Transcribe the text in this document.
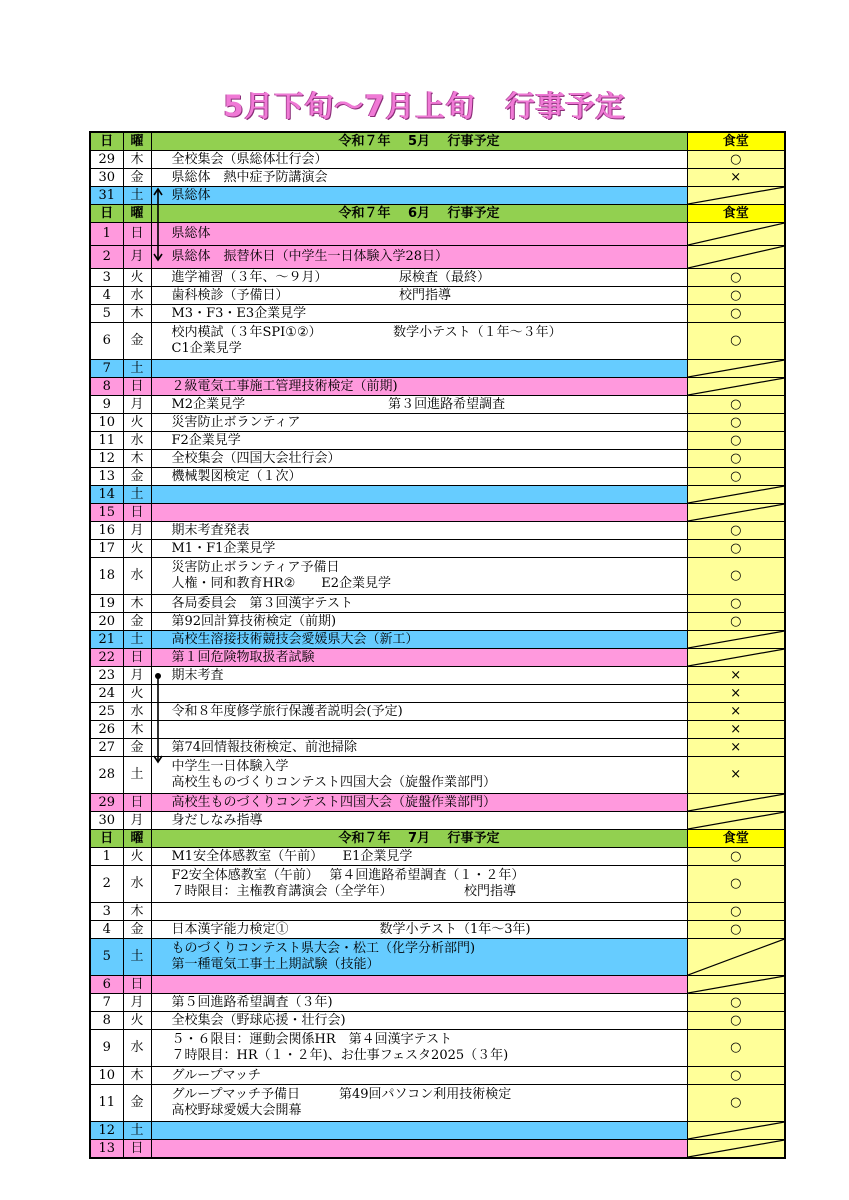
5月下旬～7月上旬　行事予定
日	曜	令和７年　 5月　 行事予定	食堂
29	木	全校集会（県総体壮行会）	○
30	金	県総体　熱中症予防講演会	×
31	土	県総体

日	曜	令和７年　 6月　 行事予定	食堂
1	日	県総体

2	月	県総体　振替休日（中学生一日体験入学28日）

3	火	進学補習（３年、～９月）　　　　　　尿検査（最終）	○
4	水	歯科検診（予備日）　　　　　　　　　校門指導	○
5	木	M3・F3・E3企業見学	○
6	金	校内模試（３年SPI①②）　　　　　　数学小テスト（１年～３年）
C1企業見学	○
7	土	

8	日	２級電気工事施工管理技術検定（前期)

9	月	M2企業見学　　　　　　　　　　　第３回進路希望調査	○
10	火	災害防止ボランティア	○
11	水	F2企業見学	○
12	木	全校集会（四国大会壮行会）	○
13	金	機械製図検定（１次）	○
14	土	

15	日	

16	月	期末考査発表	○
17	火	M1・F1企業見学	○
18	水	災害防止ボランティア予備日
人権・同和教育HR②　　E2企業見学	○
19	木	各局委員会　第３回漢字テスト	○
20	金	第92回計算技術検定（前期)	○
21	土	高校生溶接技術競技会愛媛県大会（新工）

22	日	第１回危険物取扱者試験

23	月	期末考査	×
24	火		×
25	水	令和８年度修学旅行保護者説明会(予定)	×
26	木		×
27	金	第74回情報技術検定、前池掃除	×
28	土	中学生一日体験入学
高校生ものづくりコンテスト四国大会（旋盤作業部門）	×
29	日	高校生ものづくりコンテスト四国大会（旋盤作業部門）

30	月	身だしなみ指導

日	曜	令和７年　 7月　 行事予定	食堂
1	火	M1安全体感教室（午前）　　E1企業見学	○
2	水	F2安全体感教室（午前）　 第４回進路希望調査（１・２年）
７時限目：主権教育講演会（全学年）　　　　　　校門指導	○
3	木		○
4	金	日本漢字能力検定①　　　　　　　数学小テスト（1年～3年)	○
5	土	ものづくりコンテスト県大会・松工（化学分析部門)
第一種電気工事士上期試験（技能）

6	日	

7	月	第５回進路希望調査（３年)	○
8	火	全校集会（野球応援・壮行会)	○
9	水	５・６限目：運動会関係HR　第４回漢字テスト
７時限目：HR（１・２年)、お仕事フェスタ2025（３年)	○
10	木	グループマッチ	○
11	金	グループマッチ予備日　　　第49回パソコン利用技術検定
高校野球愛媛大会開幕	○
12	土	

13	日	
